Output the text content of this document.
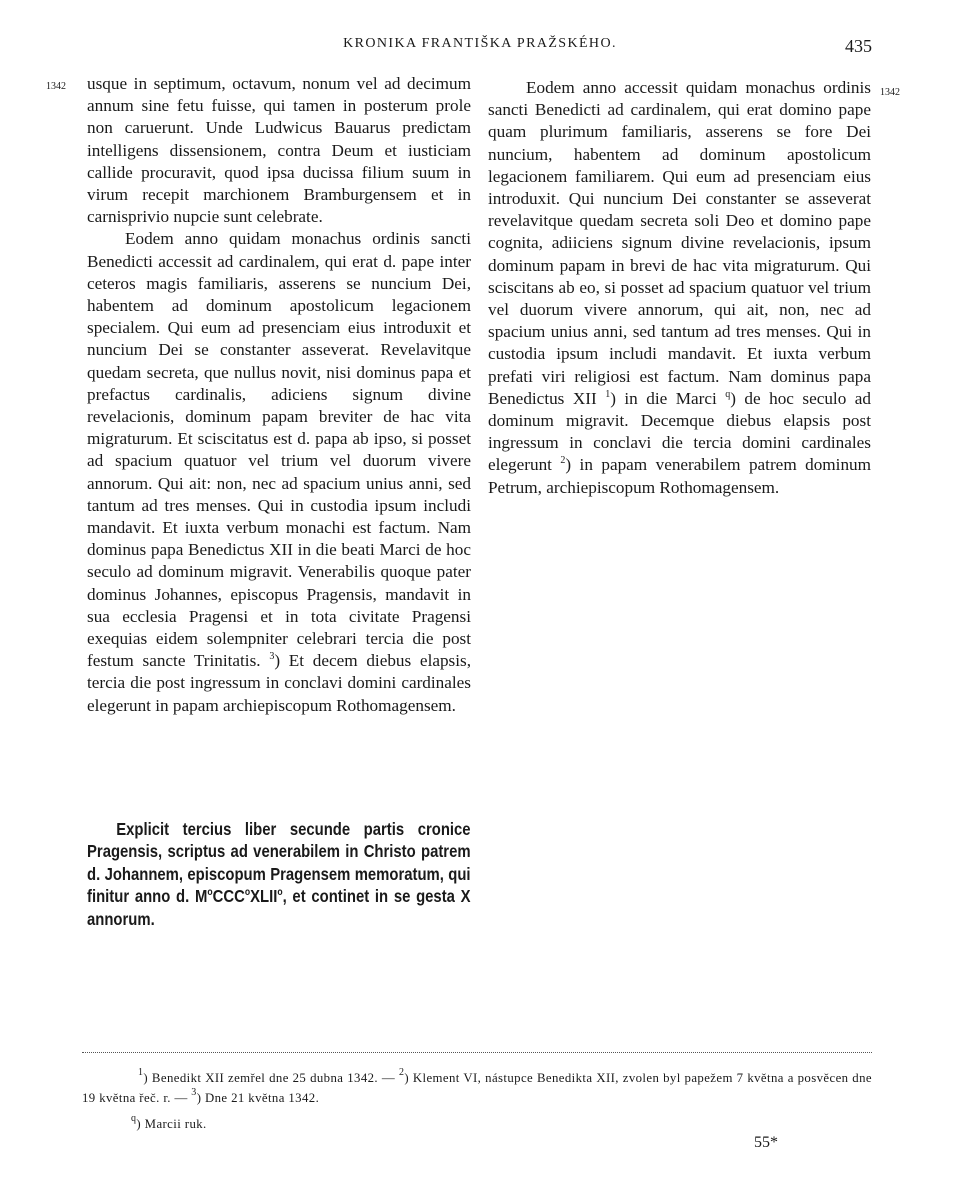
KRONIKA FRANTIŠKA PRAŽSKÉHO.	435
1342
1342

usque in septimum, octavum, nonum vel ad decimum annum sine fetu fuisse, qui tamen in posterum prole non caruerunt. Unde Ludwicus Bauarus predictam intelligens dissensionem, contra Deum et iusticiam callide procuravit, quod ipsa ducissa filium suum in virum recepit marchionem Bramburgensem et in carnisprivio nupcie sunt celebrate.

Eodem anno quidam monachus ordinis sancti Benedicti accessit ad cardinalem, qui erat d. pape inter ceteros magis familiaris, asserens se nuncium Dei, habentem ad dominum apostolicum legacionem specialem. Qui eum ad presenciam eius introduxit et nuncium Dei se constanter asseverat. Revelavitque quedam secreta, que nullus novit, nisi dominus papa et prefactus cardinalis, adiciens signum divine revelacionis, dominum papam breviter de hac vita migraturum. Et sciscitatus est d. papa ab ipso, si posset ad spacium quatuor vel trium vel duorum vivere annorum. Qui ait: non, nec ad spacium unius anni, sed tantum ad tres menses. Qui in custodia ipsum includi mandavit. Et iuxta verbum monachi est factum. Nam dominus papa Benedictus XII in die beati Marci de hoc seculo ad dominum migravit. Venerabilis quoque pater dominus Johannes, episcopus Pragensis, mandavit in sua ecclesia Pragensi et in tota civitate Pragensi exequias eidem solempniter celebrari tercia die post festum sancte Trinitatis. $^3$) Et decem diebus elapsis, tercia die post ingressum in conclavi domini cardinales elegerunt in papam archiepiscopum Rothomagensem.

Explicit tercius liber secunde partis cronice Pragensis, scriptus ad venerabilem in Christo patrem d. Johannem, episcopum Pragensem memoratum, qui finitur anno d. $M^oCCC^oXLII^o$, et continet in se gesta X annorum.

Eodem anno accessit quidam monachus ordinis sancti Benedicti ad cardinalem, qui erat domino pape quam plurimum familiaris, asserens se fore Dei nuncium, habentem ad dominum apostolicum legacionem familiarem. Qui eum ad presenciam eius introduxit. Qui nuncium Dei constanter se asseverat revelavitque quedam secreta soli Deo et domino pape cognita, adiiciens signum divine revelacionis, ipsum dominum papam in brevi de hac vita migraturum. Qui sciscitans ab eo, si posset ad spacium quatuor vel trium vel duorum vivere annorum, qui ait, non, nec ad spacium unius anni, sed tantum ad tres menses. Qui in custodia ipsum includi mandavit. Et iuxta verbum prefati viri religiosi est factum. Nam dominus papa Benedictus XII $^1$) in die Marci $^q$) de hoc seculo ad dominum migravit. Decemque diebus elapsis post ingressum in conclavi die tercia domini cardinales elegerunt $^2$) in papam venerabilem patrem dominum Petrum, archiepiscopum Rothomagensem.

$^1$) Benedikt XII zemřel dne 25 dubna 1342. — $^2$) Klement VI, nástupce Benedikta XII, zvolen byl papežem 7 května a posvěcen dne 19 května řeč. r. — $^3$) Dne 21 května 1342.
$^q$) Marcii ruk.
55*
